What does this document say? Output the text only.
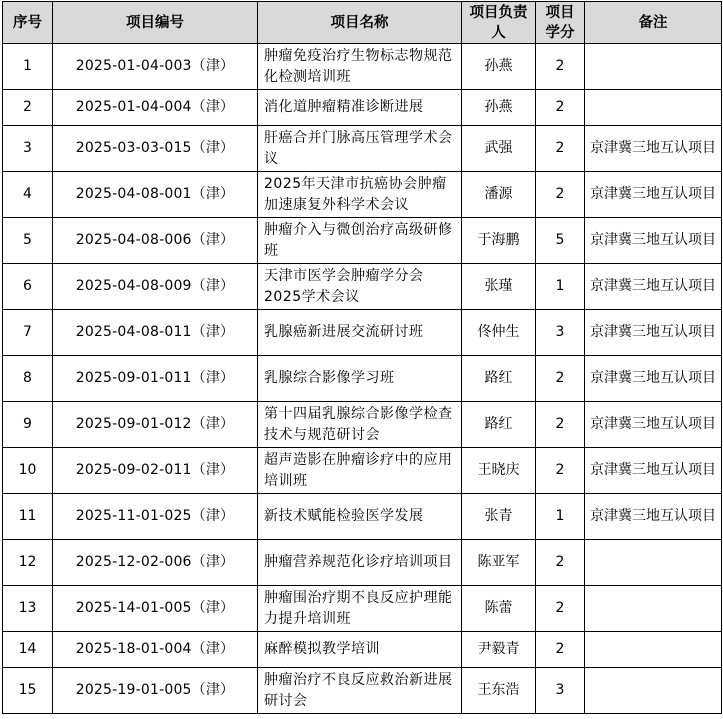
序号	项目编号	项目名称	项目负责人	项目学分	备注
1	2025-01-04-003（津）	肿瘤免疫治疗生物标志物规范化检测培训班	孙燕	2	
2	2025-01-04-004（津）	消化道肿瘤精准诊断进展	孙燕	2	
3	2025-03-03-015（津）	肝癌合并门脉高压管理学术会议	武强	2	京津冀三地互认项目
4	2025-04-08-001（津）	2025年天津市抗癌协会肿瘤加速康复外科学术会议	潘源	2	京津冀三地互认项目
5	2025-04-08-006（津）	肿瘤介入与微创治疗高级研修班	于海鹏	5	京津冀三地互认项目
6	2025-04-08-009（津）	天津市医学会肿瘤学分会2025学术会议	张瑾	1	京津冀三地互认项目
7	2025-04-08-011（津）	乳腺癌新进展交流研讨班	佟仲生	3	京津冀三地互认项目
8	2025-09-01-011（津）	乳腺综合影像学习班	路红	2	京津冀三地互认项目
9	2025-09-01-012（津）	第十四届乳腺综合影像学检查技术与规范研讨会	路红	2	京津冀三地互认项目
10	2025-09-02-011（津）	超声造影在肿瘤诊疗中的应用培训班	王晓庆	2	京津冀三地互认项目
11	2025-11-01-025（津）	新技术赋能检验医学发展	张青	1	京津冀三地互认项目
12	2025-12-02-006（津）	肿瘤营养规范化诊疗培训项目	陈亚军	2	
13	2025-14-01-005（津）	肿瘤围治疗期不良反应护理能力提升培训班	陈蕾	2	
14	2025-18-01-004（津）	麻醉模拟教学培训	尹毅青	2	
15	2025-19-01-005（津）	肿瘤治疗不良反应救治新进展研讨会	王东浩	3	
